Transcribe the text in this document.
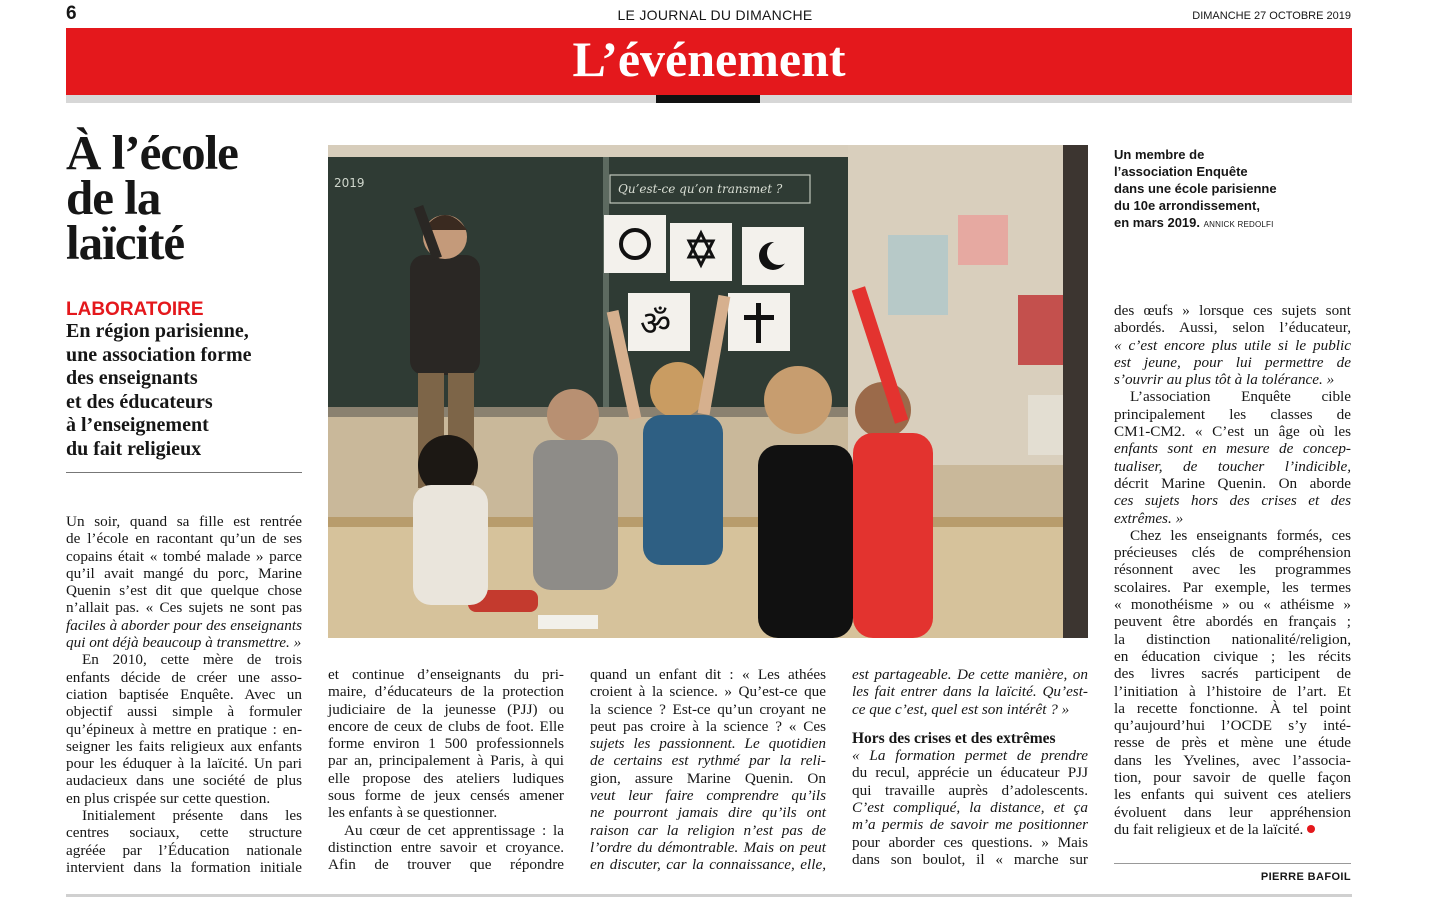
6	LE JOURNAL DU DIMANCHE	DIMANCHE 27 OCTOBRE 2019
L’événement
À l’école
de la
laïcité
LABORATOIRE
En région parisienne,
une association forme
des enseignants
et des éducateurs
à l’enseignement
du fait religieux
2019	Qu’est-ce qu’on transmet ?
ॐ
Un membre de
l’association Enquête
dans une école parisienne
du 10e arrondissement,
en mars 2019. ANNICK REDOLFI
Un soir, quand sa fille est rentrée
de l’école en racontant qu’un de ses
copains était « tombé malade » parce
qu’il avait mangé du porc, Marine
Quenin s’est dit que quelque chose
n’allait pas. « Ces sujets ne sont pas
faciles à aborder pour des enseignants
qui ont déjà beaucoup à transmettre. »
En 2010, cette mère de trois
enfants décide de créer une asso-
ciation baptisée Enquête. Avec un
objectif aussi simple à formuler
qu’épineux à mettre en pratique : en-
seigner les faits religieux aux enfants
pour les éduquer à la laïcité. Un pari
audacieux dans une société de plus
en plus crispée sur cette question.
Initialement présente dans les
centres sociaux, cette structure
agréée par l’Éducation nationale
intervient dans la formation initiale
et continue d’enseignants du pri-
maire, d’éducateurs de la protection
judiciaire de la jeunesse (PJJ) ou
encore de ceux de clubs de foot. Elle
forme environ 1 500 professionnels
par an, principalement à Paris, à qui
elle propose des ateliers ludiques
sous forme de jeux censés amener
les enfants à se questionner.
Au cœur de cet apprentissage : la
distinction entre savoir et croyance.
Afin de trouver que répondre
quand un enfant dit : « Les athées
croient à la science. » Qu’est-ce que
la science ? Est-ce qu’un croyant ne
peut pas croire à la science ? « Ces
sujets les passionnent. Le quotidien
de certains est rythmé par la reli-
gion, assure Marine Quenin. On
veut leur faire comprendre qu’ils
ne pourront jamais dire qu’ils ont
raison car la religion n’est pas de
l’ordre du démontrable. Mais on peut
en discuter, car la connaissance, elle,
est partageable. De cette manière, on
les fait entrer dans la laïcité. Qu’est-
ce que c’est, quel est son intérêt ? »
Hors des crises et des extrêmes
« La formation permet de prendre
du recul, apprécie un éducateur PJJ
qui travaille auprès d’adolescents.
C’est compliqué, la distance, et ça
m’a permis de savoir me positionner
pour aborder ces questions. » Mais
dans son boulot, il « marche sur
des œufs » lorsque ces sujets sont
abordés. Aussi, selon l’éducateur,
« c’est encore plus utile si le public
est jeune, pour lui permettre de
s’ouvrir au plus tôt à la tolérance. »
L’association Enquête cible
principalement les classes de
CM1-CM2. « C’est un âge où les
enfants sont en mesure de concep-
tualiser, de toucher l’indicible,
décrit Marine Quenin. On aborde
ces sujets hors des crises et des
extrêmes. »
Chez les enseignants formés, ces
précieuses clés de compréhension
résonnent avec les programmes
scolaires. Par exemple, les termes
« monothéisme » ou « athéisme »
peuvent être abordés en français ;
la distinction nationalité/religion,
en éducation civique ; les récits
des livres sacrés participent de
l’initiation à l’histoire de l’art. Et
la recette fonctionne. À tel point
qu’aujourd’hui l’OCDE s’y inté-
resse de près et mène une étude
dans les Yvelines, avec l’associa-
tion, pour savoir de quelle façon
les enfants qui suivent ces ateliers
évoluent dans leur appréhension
du fait religieux et de la laïcité.
PIERRE BAFOIL
